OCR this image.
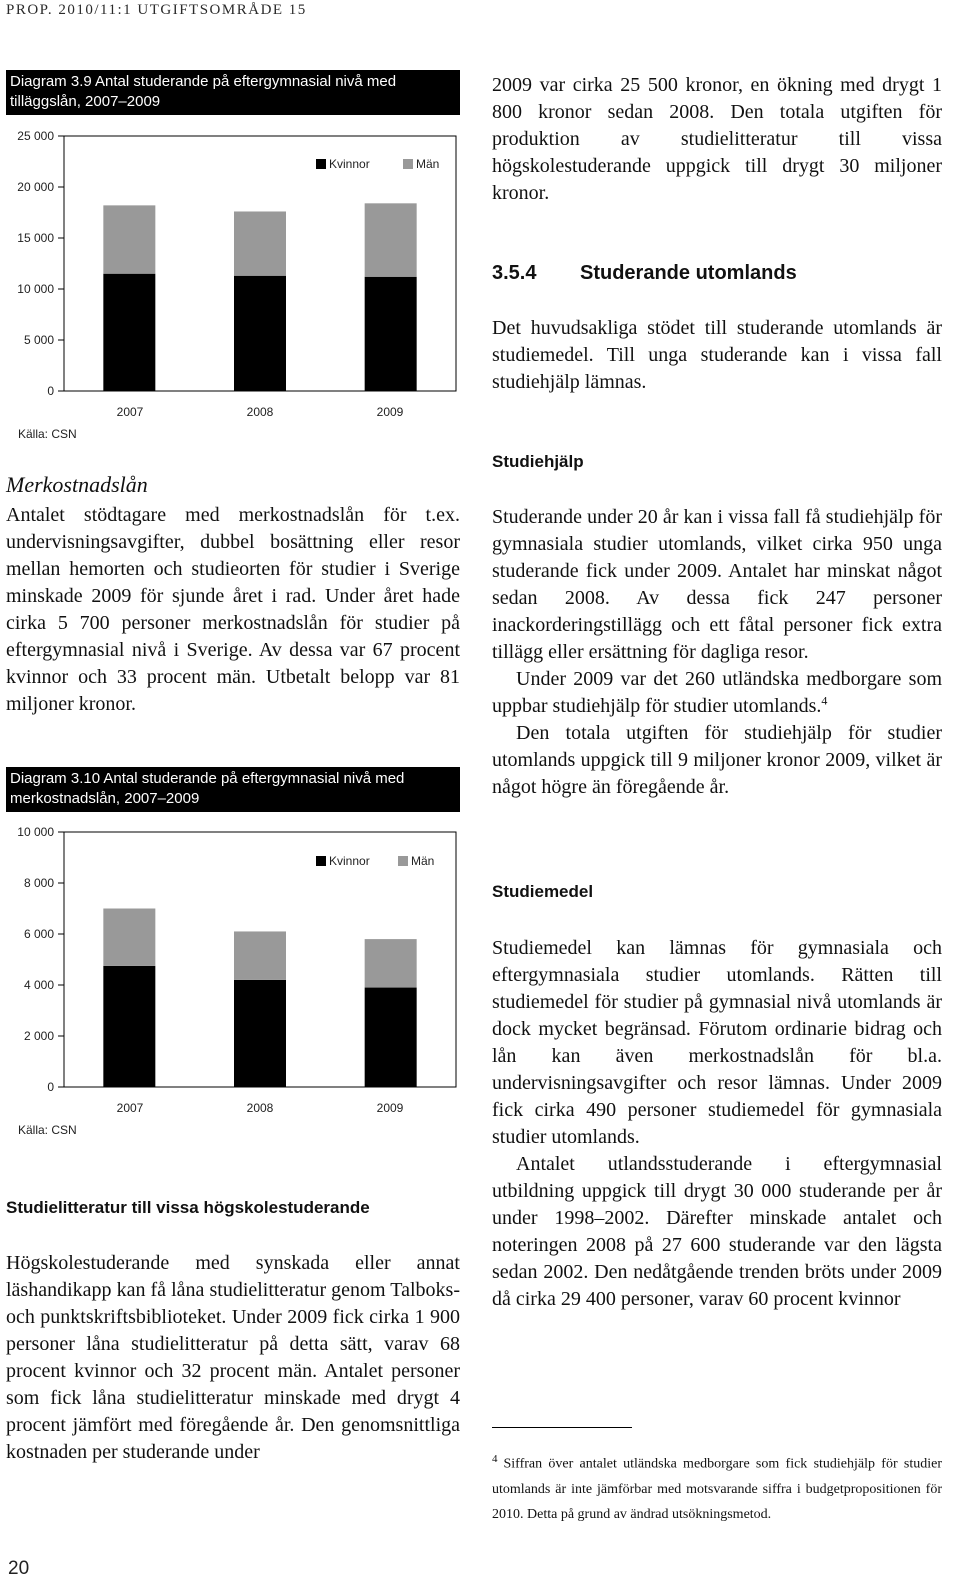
PROP. 2010/11:1 UTGIFTSOMRÅDE 15
Diagram 3.9 Antal studerande på eftergymnasial nivå med
tilläggslån, 2007–2009
25 000
20 000
15 000
10 000
5 000
0
Kvinnor	Män
2007	2008	2009
Källa: CSN
Merkostnadslån

Antalet stödtagare med merkostnadslån för t.ex. undervisningsavgifter, dubbel bosättning eller resor mellan hemorten och studieorten för studier i Sverige minskade 2009 för sjunde året i rad. Under året hade cirka 5 700 personer merkostnadslån för studier på eftergymnasial nivå i Sverige. Av dessa var 67 procent kvinnor och 33 procent män. Utbetalt belopp var 81 miljoner kronor.

Diagram 3.10 Antal studerande på eftergymnasial nivå med
merkostnadslån, 2007–2009
10 000
8 000
6 000
4 000
2 000
0
Kvinnor	Män
2007	2008	2009
Källa: CSN
Studielitteratur till vissa högskolestuderande

Högskolestuderande med synskada eller annat läshandikapp kan få låna studielitteratur genom Talboks- och punktskriftsbiblioteket. Under 2009 fick cirka 1 900 personer låna studielitteratur på detta sätt, varav 68 procent kvinnor och 32 procent män. Antalet personer som fick låna studielitteratur minskade med drygt 4 procent jämfört med föregående år. Den genomsnittliga kostnaden per studerande under

20

2009 var cirka 25 500 kronor, en ökning med drygt 1 800 kronor sedan 2008. Den totala utgiften för produktion av studielitteratur till vissa högskolestuderande uppgick till drygt 30 miljoner kronor.

3.5.4 Studerande utomlands

Det huvudsakliga stödet till studerande utomlands är studiemedel. Till unga studerande kan i vissa fall studiehjälp lämnas.

Studiehjälp

Studerande under 20 år kan i vissa fall få studiehjälp för gymnasiala studier utomlands, vilket cirka 950 unga studerande fick under 2009. Antalet har minskat något sedan 2008. Av dessa fick 247 personer inackorderingstillägg och ett fåtal personer fick extra tillägg eller ersättning för dagliga resor.

Under 2009 var det 260 utländska medborgare som uppbar studiehjälp för studier utomlands.$^4$

Den totala utgiften för studiehjälp för studier utomlands uppgick till 9 miljoner kronor 2009, vilket är något högre än föregående år.

Studiemedel

Studiemedel kan lämnas för gymnasiala och eftergymnasiala studier utomlands. Rätten till studiemedel för studier på gymnasial nivå utomlands är dock mycket begränsad. Förutom ordinarie bidrag och lån kan även merkostnadslån för bl.a. undervisningsavgifter och resor lämnas. Under 2009 fick cirka 490 personer studiemedel för gymnasiala studier utomlands.

Antalet utlandsstuderande i eftergymnasial utbildning uppgick till drygt 30 000 studerande per år under 1998–2002. Därefter minskade antalet och noteringen 2008 på 27 600 studerande var den lägsta sedan 2002. Den nedåtgående trenden bröts under 2009 då cirka 29 400 personer, varav 60 procent kvinnor

$^4$ Siffran över antalet utländska medborgare som fick studiehjälp för studier utomlands är inte jämförbar med motsvarande siffra i budgetpropositionen för 2010. Detta på grund av ändrad utsökningsmetod.
